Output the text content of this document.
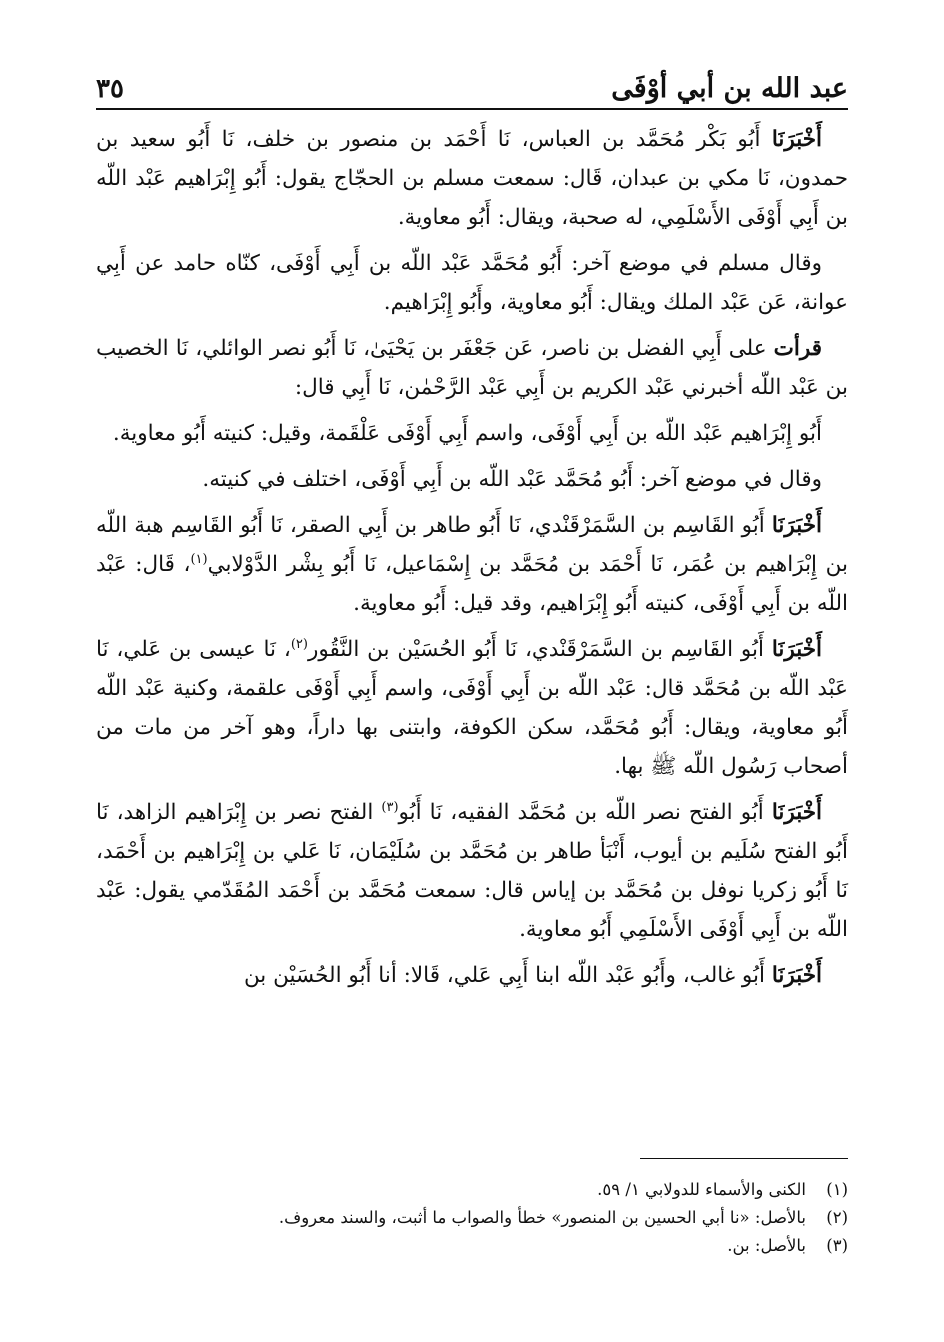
عبد الله بن أبي أوْفَى
٣٥

أَخْبَرَنَا أَبُو بَكْر مُحَمَّد بن العباس، نَا أَحْمَد بن منصور بن خلف، نَا أَبُو سعيد بن حمدون، نَا مكي بن عبدان، قَال: سمعت مسلم بن الحجّاج يقول: أَبُو إِبْرَاهيم عَبْد اللّه بن أَبِي أَوْفَى الأَسْلَمِي، له صحبة، ويقال: أَبُو معاوية.

وقال مسلم في موضع آخر: أَبُو مُحَمَّد عَبْد اللّه بن أَبِي أَوْفَى، كنّاه حامد عن أَبِي عوانة، عَن عَبْد الملك ويقال: أَبُو معاوية، وأَبُو إِبْرَاهيم.

قرأت على أَبِي الفضل بن ناصر، عَن جَعْفَر بن يَحْيَىٰ، نَا أَبُو نصر الوائلي، نَا الخصيب بن عَبْد اللّه أخبرني عَبْد الكريم بن أَبِي عَبْد الرَّحْمٰن، نَا أَبِي قال:

أَبُو إِبْرَاهيم عَبْد اللّه بن أَبِي أَوْفَى، واسم أَبِي أَوْفَى عَلْقَمة، وقيل: كنيته أَبُو معاوية.

وقال في موضع آخر: أَبُو مُحَمَّد عَبْد اللّه بن أَبِي أَوْفَى، اختلف في كنيته.

أَخْبَرَنَا أَبُو القَاسِم بن السَّمَرْقَنْدي، نَا أَبُو طاهر بن أَبِي الصقر، نَا أَبُو القَاسِم هبة اللّه بن إِبْرَاهيم بن عُمَر، نَا أَحْمَد بن مُحَمَّد بن إِسْمَاعيل، نَا أَبُو بِشْر الدَّوْلابي$^{(١)}$، قَال: عَبْد اللّه بن أَبِي أَوْفَى، كنيته أَبُو إِبْرَاهيم، وقد قيل: أَبُو معاوية.

أَخْبَرَنَا أَبُو القَاسِم بن السَّمَرْقَنْدي، نَا أَبُو الحُسَيْن بن النَّقُور$^{(٢)}$، نَا عيسى بن عَلي، نَا عَبْد اللّه بن مُحَمَّد قال: عَبْد اللّه بن أَبِي أَوْفَى، واسم أَبِي أَوْفَى علقمة، وكنية عَبْد اللّه أَبُو معاوية، ويقال: أَبُو مُحَمَّد، سكن الكوفة، وابتنى بها داراً، وهو آخر من مات من أصحاب رَسُول اللّه ﷺ بها.

أَخْبَرَنَا أَبُو الفتح نصر اللّه بن مُحَمَّد الفقيه، نَا أَبُو$^{(٣)}$ الفتح نصر بن إِبْرَاهيم الزاهد، نَا أَبُو الفتح سُلَيم بن أيوب، أَنْبَأ طاهر بن مُحَمَّد بن سُلَيْمَان، نَا عَلي بن إِبْرَاهيم بن أَحْمَد، نَا أَبُو زكريا نوفل بن مُحَمَّد بن إياس قال: سمعت مُحَمَّد بن أَحْمَد المُقَدّمي يقول: عَبْد اللّه بن أَبِي أَوْفَى الأَسْلَمِي أَبُو معاوية.

أَخْبَرَنَا أَبُو غالب، وأَبُو عَبْد اللّه ابنا أَبِي عَلي، قَالا: أنا أَبُو الحُسَيْن بن

(١)
الكنى والأسماء للدولابي ١/ ٥٩.
(٢)
بالأصل: «نا أبي الحسين بن المنصور» خطأ والصواب ما أثبت، والسند معروف.
(٣)
بالأصل: بن.
